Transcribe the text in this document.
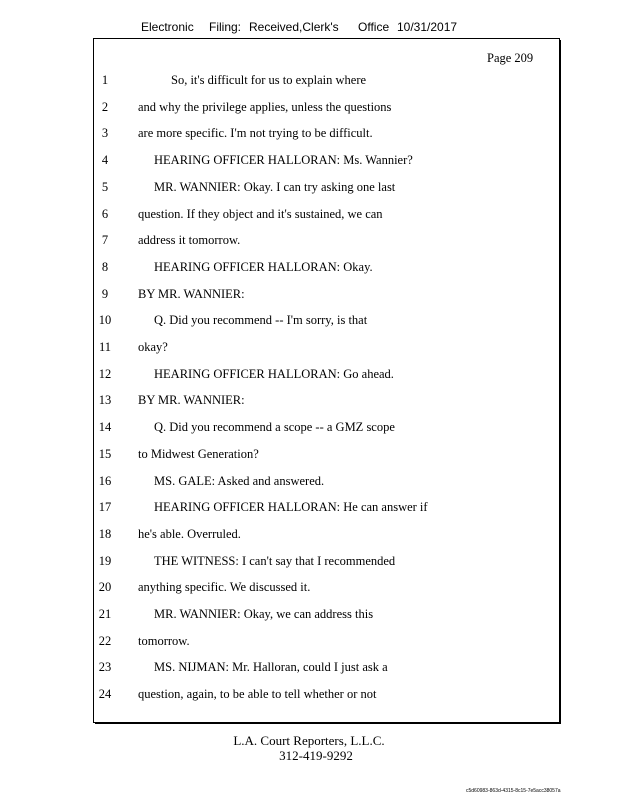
Electronic Filing: Received,Clerk's Office 10/31/2017
Page 209
1	So, it's difficult for us to explain where
2	and why the privilege applies, unless the questions
3	are more specific. I'm not trying to be difficult.
4	HEARING OFFICER HALLORAN: Ms. Wannier?
5	MR. WANNIER: Okay. I can try asking one last
6	question. If they object and it's sustained, we can
7	address it tomorrow.
8	HEARING OFFICER HALLORAN: Okay.
9	BY MR. WANNIER:
10	Q. Did you recommend -- I'm sorry, is that
11 okay?
12	HEARING OFFICER HALLORAN: Go ahead.
13 BY MR. WANNIER:
14	Q. Did you recommend a scope -- a GMZ scope
15 to Midwest Generation?
16	MS. GALE: Asked and answered.
17	HEARING OFFICER HALLORAN: He can answer if
18 he's able. Overruled.
19	THE WITNESS: I can't say that I recommended
20 anything specific. We discussed it.
21	MR. WANNIER: Okay, we can address this
22 tomorrow.
23	MS. NIJMAN: Mr. Halloran, could I just ask a
24 question, again, to be able to tell whether or not
L.A. Court Reporters, L.L.C.
312-419-9292
c5d60983-863d-4315-8c15-7e5acc38057a
